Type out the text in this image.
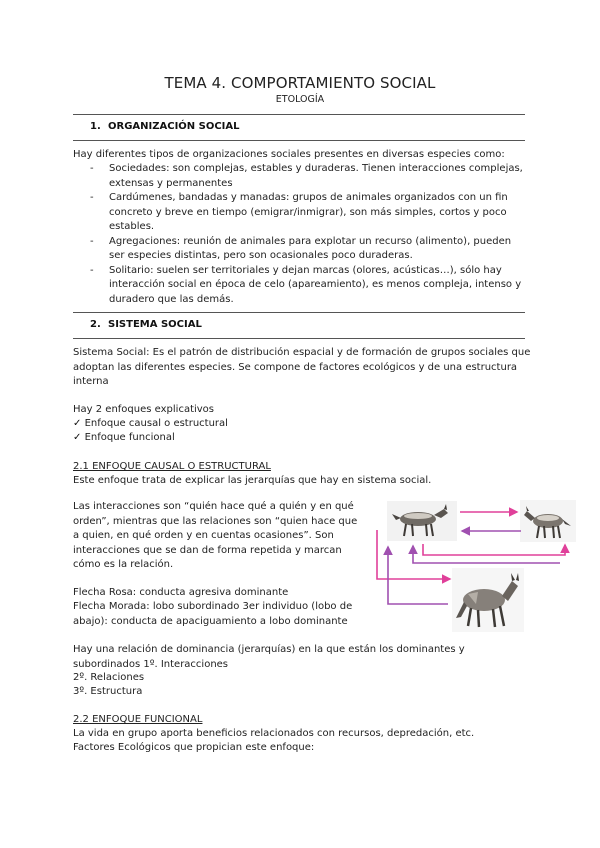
TEMA 4. COMPORTAMIENTO SOCIAL
ETOLOGÍA
1. ORGANIZACIÓN SOCIAL
Hay diferentes tipos de organizaciones sociales presentes en diversas especies como:
- Sociedades: son complejas, estables y duraderas. Tienen interacciones complejas, extensas y permanentes
- Cardúmenes, bandadas y manadas: grupos de animales organizados con un fin concreto y breve en tiempo (emigrar/inmigrar), son más simples, cortos y poco estables.
- Agregaciones: reunión de animales para explotar un recurso (alimento), pueden ser especies distintas, pero son ocasionales poco duraderas.
- Solitario: suelen ser territoriales y dejan marcas (olores, acústicas…), sólo hay interacción social en época de celo (apareamiento), es menos compleja, intenso y duradero que las demás.
2. SISTEMA SOCIAL
Sistema Social: Es el patrón de distribución espacial y de formación de grupos sociales que adoptan las diferentes especies. Se compone de factores ecológicos y de una estructura interna
Hay 2 enfoques explicativos
✓ Enfoque causal o estructural
✓ Enfoque funcional
2.1 ENFOQUE CAUSAL O ESTRUCTURAL
Este enfoque trata de explicar las jerarquías que hay en sistema social.
Las interacciones son “quién hace qué a quién y en qué orden”, mientras que las relaciones son “quien hace que a quien, en qué orden y en cuentas ocasiones”. Son interacciones que se dan de forma repetida y marcan cómo es la relación.
Flecha Rosa: conducta agresiva dominante
Flecha Morada: lobo subordinado 3er individuo (lobo de abajo): conducta de apaciguamiento a lobo dominante
Hay una relación de dominancia (jerarquías) en la que están los dominantes y subordinados 1º. Interacciones
2º. Relaciones
3º. Estructura
2.2 ENFOQUE FUNCIONAL
La vida en grupo aporta beneficios relacionados con recursos, depredación, etc.
Factores Ecológicos que propician este enfoque:
